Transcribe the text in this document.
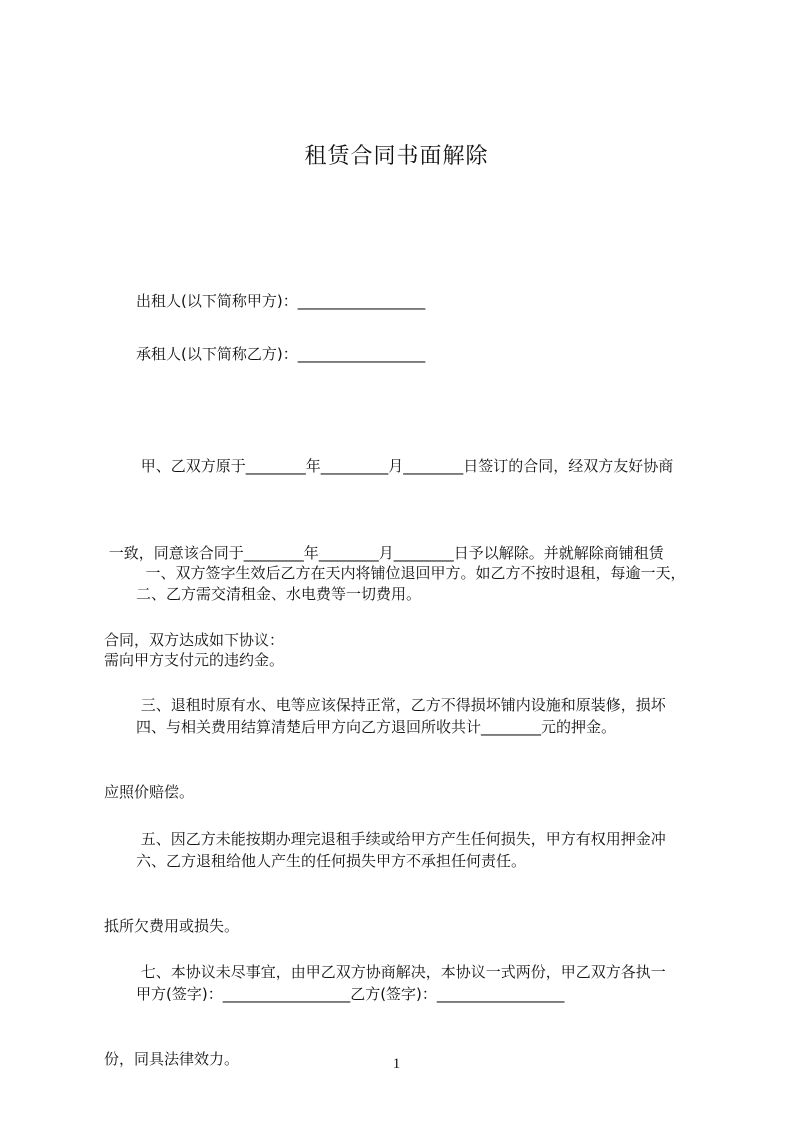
租赁合同书面解除
出租人(以下简称甲方)：_________________
承租人(以下简称乙方)：_________________

甲、乙双方原于________年_________月________日签订的合同，经双方友好协商

一致，同意该合同于________年________月________日予以解除。并就解除商铺租赁

合同，双方达成如下协议：

一、双方签字生效后乙方在天内将铺位退回甲方。如乙方不按时退租，每逾一天，

需向甲方支付元的违约金。

二、乙方需交清租金、水电费等一切费用。

三、退租时原有水、电等应该保持正常，乙方不得损坏铺内设施和原装修，损坏

应照价赔偿。

四、与相关费用结算清楚后甲方向乙方退回所收共计________元的押金。

五、因乙方未能按期办理完退租手续或给甲方产生任何损失，甲方有权用押金冲

抵所欠费用或损失。

六、乙方退租给他人产生的任何损失甲方不承担任何责任。

七、本协议未尽事宜，由甲乙双方协商解决，本协议一式两份，甲乙双方各执一

份，同具法律效力。

甲方(签字)：_________________乙方(签字)：_________________
1
